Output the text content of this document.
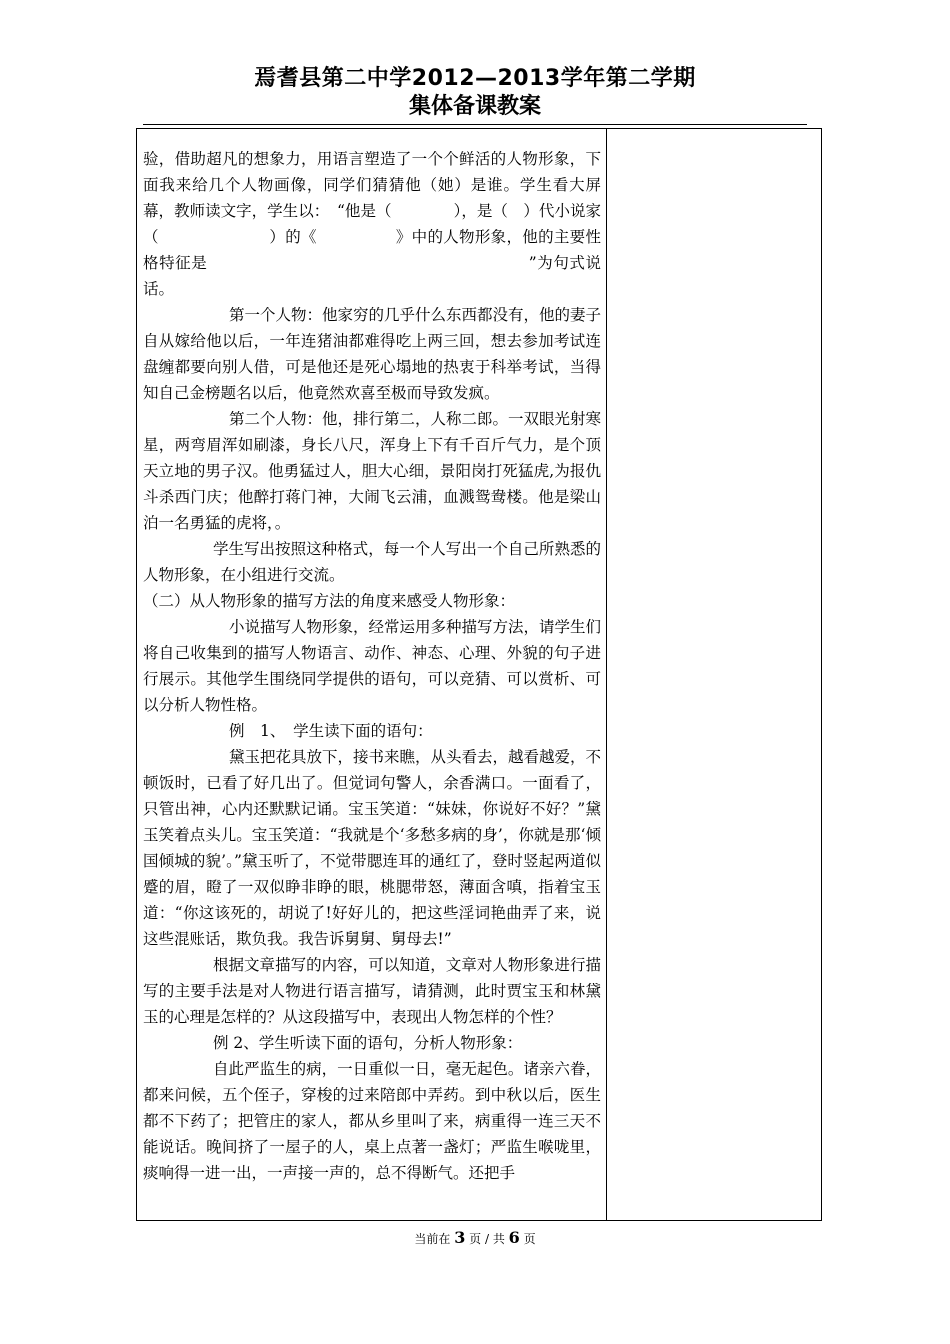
焉耆县第二中学2012—2013学年第二学期
集体备课教案

验，借助超凡的想象力，用语言塑造了一个个鲜活的人物形象，下面我来给几个人物画像，同学们猜猜他（她）是谁。学生看大屏幕，教师读文字，学生以：　“他是（　　　　），是（　）代小说家（　　　　　　　）的《　　　　　》中的人物形象，他的主要性格特征是　　　　　　　　　　　　　　　　　　　　”为句式说话。

第一个人物：他家穷的几乎什么东西都没有，他的妻子自从嫁给他以后，一年连猪油都难得吃上两三回，想去参加考试连盘缠都要向别人借，可是他还是死心塌地的热衷于科举考试，当得知自己金榜题名以后，他竟然欢喜至极而导致发疯。

第二个人物：他，排行第二，人称二郎。一双眼光射寒星，两弯眉浑如刷漆，身长八尺，浑身上下有千百斤气力，是个顶天立地的男子汉。他勇猛过人，胆大心细，景阳岗打死猛虎,为报仇斗杀西门庆；他醉打蒋门神，大闹飞云浦，血溅鸳鸯楼。他是梁山泊一名勇猛的虎将，。

学生写出按照这种格式，每一个人写出一个自己所熟悉的人物形象，在小组进行交流。

（二）从人物形象的描写方法的角度来感受人物形象：

小说描写人物形象，经常运用多种描写方法，请学生们将自己收集到的描写人物语言、动作、神态、心理、外貌的句子进行展示。其他学生围绕同学提供的语句，可以竞猜、可以赏析、可以分析人物性格。

例　1、　学生读下面的语句：

黛玉把花具放下，接书来瞧，从头看去，越看越爱，不顿饭时，已看了好几出了。但觉词句警人，余香满口。一面看了，只管出神，心内还默默记诵。宝玉笑道：“妹妹，你说好不好？”黛玉笑着点头儿。宝玉笑道：“我就是个‘多愁多病的身’，你就是那‘倾国倾城的貌’。”黛玉听了，不觉带腮连耳的通红了，登时竖起两道似蹙的眉，瞪了一双似睁非睁的眼，桃腮带怒，薄面含嗔，指着宝玉道：“你这该死的，胡说了!好好儿的，把这些淫词艳曲弄了来，说这些混账话，欺负我。我告诉舅舅、舅母去!”

根据文章描写的内容，可以知道，文章对人物形象进行描写的主要手法是对人物进行语言描写，请猜测，此时贾宝玉和林黛玉的心理是怎样的？从这段描写中，表现出人物怎样的个性？

例 2、学生听读下面的语句，分析人物形象：

自此严监生的病，一日重似一日，毫无起色。诸亲六眷，都来问候，五个侄子，穿梭的过来陪郎中弄药。到中秋以后，医生都不下药了；把管庄的家人，都从乡里叫了来，病重得一连三天不能说话。晚间挤了一屋子的人，桌上点著一盏灯；严监生喉咙里，痰响得一进一出，一声接一声的，总不得断气。还把手

当前在 3 页 / 共 6 页
